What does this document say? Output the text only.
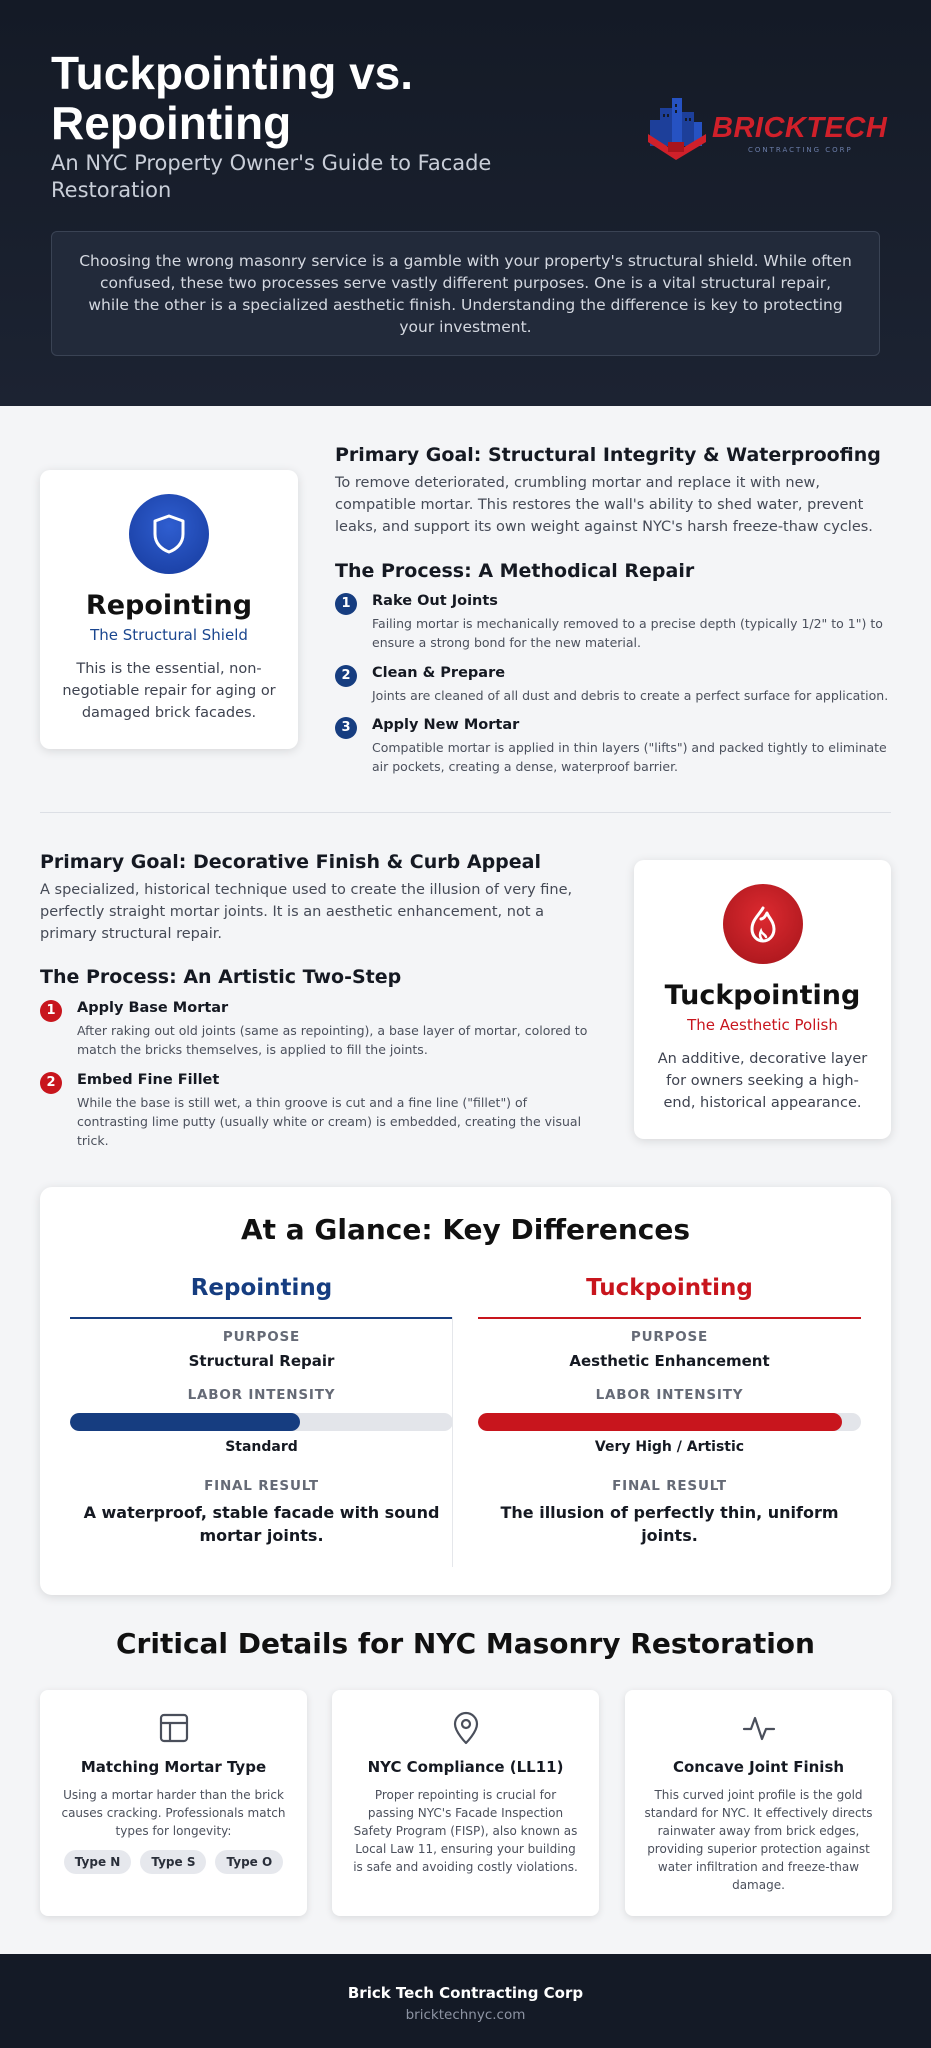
Tuckpointing vs. Repointing
An NYC Property Owner's Guide to Facade Restoration
BRICKTECH
CONTRACTING CORP

Choosing the wrong masonry service is a gamble with your property's structural shield. While often confused, these two processes serve vastly different purposes. One is a vital structural repair, while the other is a specialized aesthetic finish. Understanding the difference is key to protecting your investment.

Repointing
The Structural Shield
This is the essential, non-negotiable repair for aging or damaged brick facades.
Primary Goal: Structural Integrity & Waterproofing
To remove deteriorated, crumbling mortar and replace it with new, compatible mortar. This restores the wall's ability to shed water, prevent leaks, and support its own weight against NYC's harsh freeze-thaw cycles.
The Process: A Methodical Repair
1	Rake Out Joints
Failing mortar is mechanically removed to a precise depth (typically 1/2" to 1") to ensure a strong bond for the new material.
2	Clean & Prepare
Joints are cleaned of all dust and debris to create a perfect surface for application.
3	Apply New Mortar
Compatible mortar is applied in thin layers ("lifts") and packed tightly to eliminate air pockets, creating a dense, waterproof barrier.
Primary Goal: Decorative Finish & Curb Appeal
A specialized, historical technique used to create the illusion of very fine, perfectly straight mortar joints. It is an aesthetic enhancement, not a primary structural repair.
The Process: An Artistic Two-Step
1	Apply Base Mortar
After raking out old joints (same as repointing), a base layer of mortar, colored to match the bricks themselves, is applied to fill the joints.
2	Embed Fine Fillet
While the base is still wet, a thin groove is cut and a fine line ("fillet") of contrasting lime putty (usually white or cream) is embedded, creating the visual trick.
Tuckpointing
The Aesthetic Polish
An additive, decorative layer for owners seeking a high-end, historical appearance.
At a Glance: Key Differences
Repointing
PURPOSE
Structural Repair
LABOR INTENSITY
Standard
FINAL RESULT
A waterproof, stable facade with sound mortar joints.
Tuckpointing
PURPOSE
Aesthetic Enhancement
LABOR INTENSITY
Very High / Artistic
FINAL RESULT
The illusion of perfectly thin, uniform joints.
Critical Details for NYC Masonry Restoration
Matching Mortar Type
Using a mortar harder than the brick causes cracking. Professionals match types for longevity:
Type N	Type S	Type O
NYC Compliance (LL11)
Proper repointing is crucial for passing NYC's Facade Inspection Safety Program (FISP), also known as Local Law 11, ensuring your building is safe and avoiding costly violations.
Concave Joint Finish
This curved joint profile is the gold standard for NYC. It effectively directs rainwater away from brick edges, providing superior protection against water infiltration and freeze-thaw damage.
Brick Tech Contracting Corp
bricktechnyc.com
